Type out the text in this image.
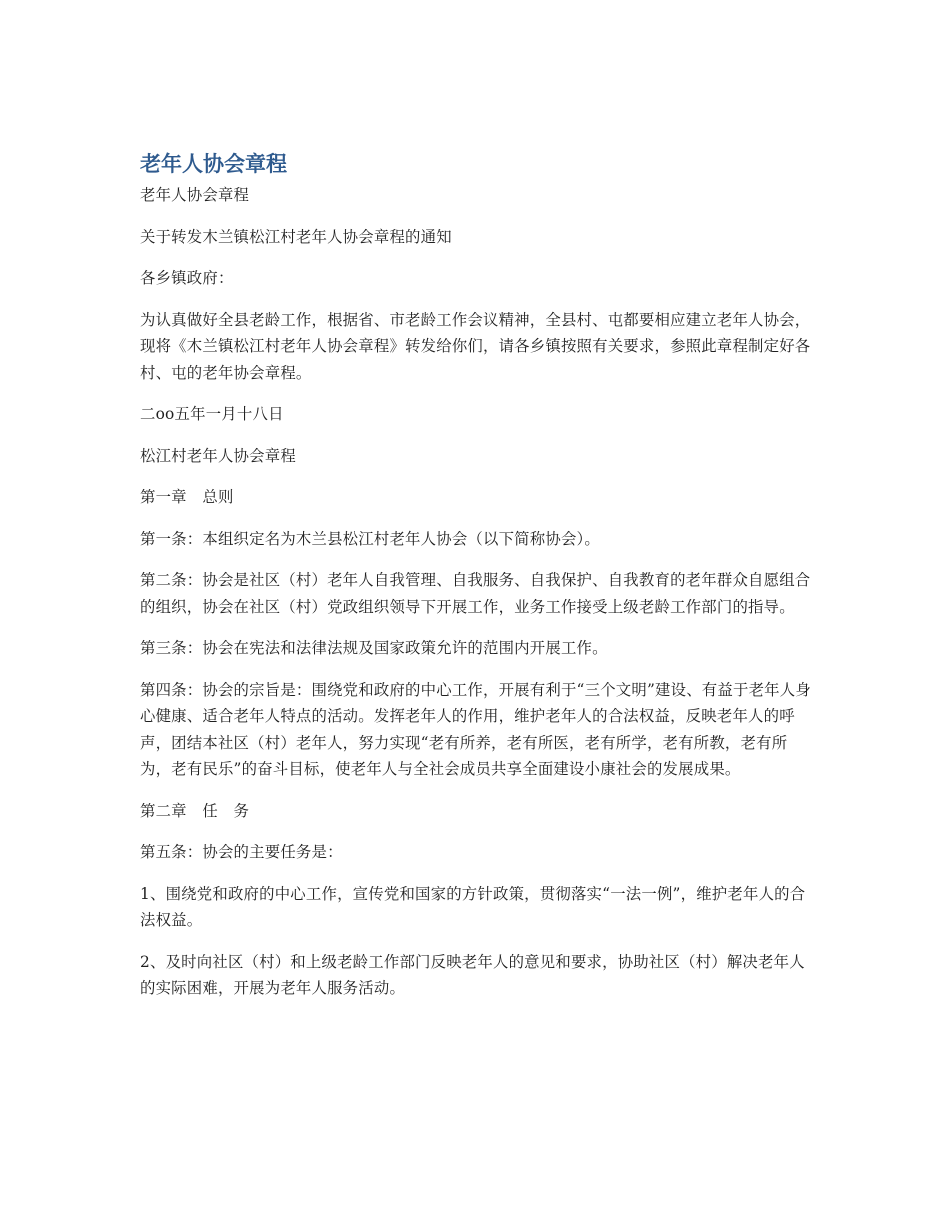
老年人协会章程

老年人协会章程

关于转发木兰镇松江村老年人协会章程的通知

各乡镇政府：

为认真做好全县老龄工作，根据省、市老龄工作会议精神，全县村、屯都要相应建立老年人协会，现将《木兰镇松江村老年人协会章程》转发给你们，请各乡镇按照有关要求，参照此章程制定好各村、屯的老年协会章程。

二oo五年一月十八日

松江村老年人协会章程

第一章　总则

第一条：本组织定名为木兰县松江村老年人协会（以下简称协会）。

第二条：协会是社区（村）老年人自我管理、自我服务、自我保护、自我教育的老年群众自愿组合的组织，协会在社区（村）党政组织领导下开展工作，业务工作接受上级老龄工作部门的指导。

第三条：协会在宪法和法律法规及国家政策允许的范围内开展工作。

第四条：协会的宗旨是：围绕党和政府的中心工作，开展有利于“三个文明”建设、有益于老年人身心健康、适合老年人特点的活动。发挥老年人的作用，维护老年人的合法权益，反映老年人的呼声，团结本社区（村）老年人，努力实现“老有所养，老有所医，老有所学，老有所教，老有所为，老有民乐”的奋斗目标，使老年人与全社会成员共享全面建设小康社会的发展成果。

第二章　任　务

第五条：协会的主要任务是：

1、围绕党和政府的中心工作，宣传党和国家的方针政策，贯彻落实“一法一例”，维护老年人的合法权益。

2、及时向社区（村）和上级老龄工作部门反映老年人的意见和要求，协助社区（村）解决老年人的实际困难，开展为老年人服务活动。
